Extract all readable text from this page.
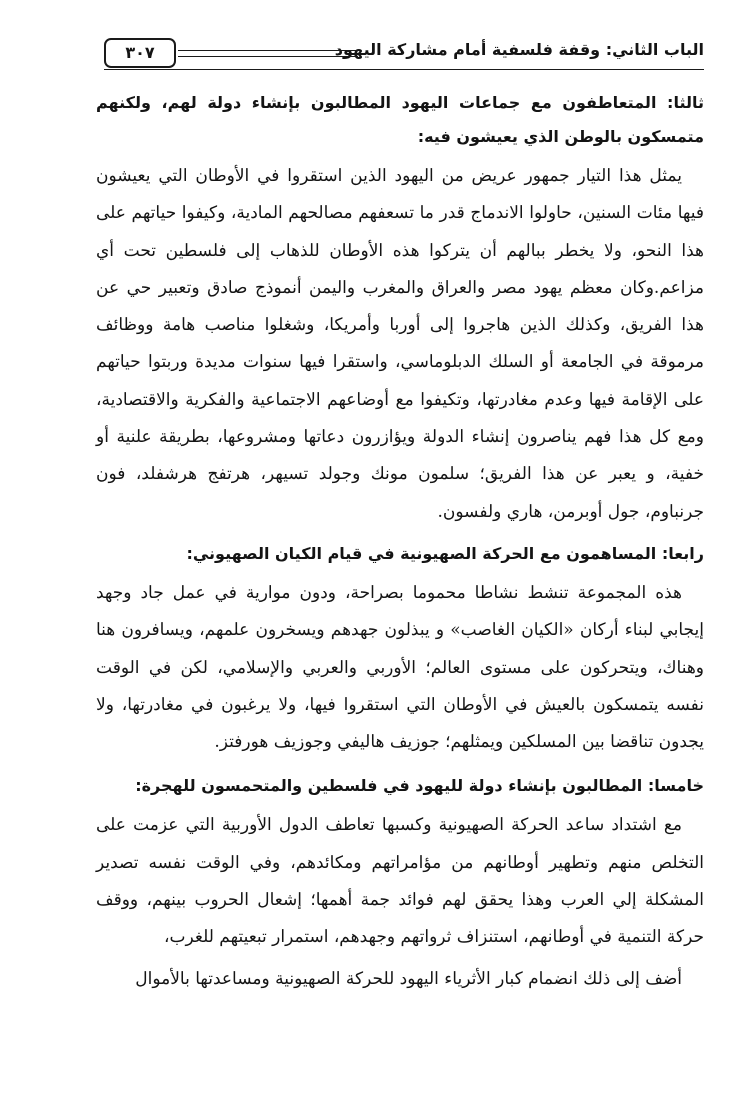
الباب الثاني: وقفة فلسفية أمام مشاركة اليهود
٣٠٧

ثالثا: المتعاطفون مع جماعات اليهود المطالبون بإنشاء دولة لهم، ولكنهم متمسكون بالوطن الذي يعيشون فيه:

يمثل هذا التيار جمهور عريض من اليهود الذين استقروا في الأوطان التي يعيشون فيها مئات السنين، حاولوا الاندماج قدر ما تسعفهم مصالحهم المادية، وكيفوا حياتهم على هذا النحو، ولا يخطر ببالهم أن يتركوا هذه الأوطان للذهاب إلى فلسطين تحت أي مزاعم.وكان معظم يهود مصر والعراق والمغرب واليمن أنموذج صادق وتعبير حي عن هذا الفريق، وكذلك الذين هاجروا إلى أوربا وأمريكا، وشغلوا مناصب هامة ووظائف مرموقة في الجامعة أو السلك الدبلوماسي، واستقرا فيها سنوات مديدة وربتوا حياتهم على الإقامة فيها وعدم مغادرتها، وتكيفوا مع أوضاعهم الاجتماعية والفكرية والاقتصادية، ومع كل هذا فهم يناصرون إنشاء الدولة ويؤازرون دعاتها ومشروعها، بطريقة علنية أو خفية، و يعبر عن هذا الفريق؛ سلمون مونك وجولد تسيهر، هرتفج هرشفلد، فون جرنباوم، جول أوبرمن، هاري ولفسون.

رابعا: المساهمون مع الحركة الصهيونية في قيام الكيان الصهيوني:

هذه المجموعة تنشط نشاطا محموما بصراحة، ودون موارية في عمل جاد وجهد إيجابي لبناء أركان «الكيان الغاصب» و يبذلون جهدهم ويسخرون علمهم، ويسافرون هنا وهناك، ويتحركون على مستوى العالم؛ الأوربي والعربي والإسلامي، لكن في الوقت نفسه يتمسكون بالعيش في الأوطان التي استقروا فيها، ولا يرغبون في مغادرتها، ولا يجدون تناقضا بين المسلكين ويمثلهم؛ جوزيف هاليفي وجوزيف هورفتز.

خامسا: المطالبون بإنشاء دولة لليهود في فلسطين والمتحمسون للهجرة:

مع اشتداد ساعد الحركة الصهيونية وكسبها تعاطف الدول الأوربية التي عزمت على التخلص منهم وتطهير أوطانهم من مؤامراتهم ومكائدهم، وفي الوقت نفسه تصدير المشكلة إلي العرب وهذا يحقق لهم فوائد جمة أهمها؛ إشعال الحروب بينهم، ووقف حركة التنمية في أوطانهم، استنزاف ثرواتهم وجهدهم، استمرار تبعيتهم للغرب،

أضف إلى ذلك انضمام كبار الأثرياء اليهود للحركة الصهيونية ومساعدتها بالأموال
